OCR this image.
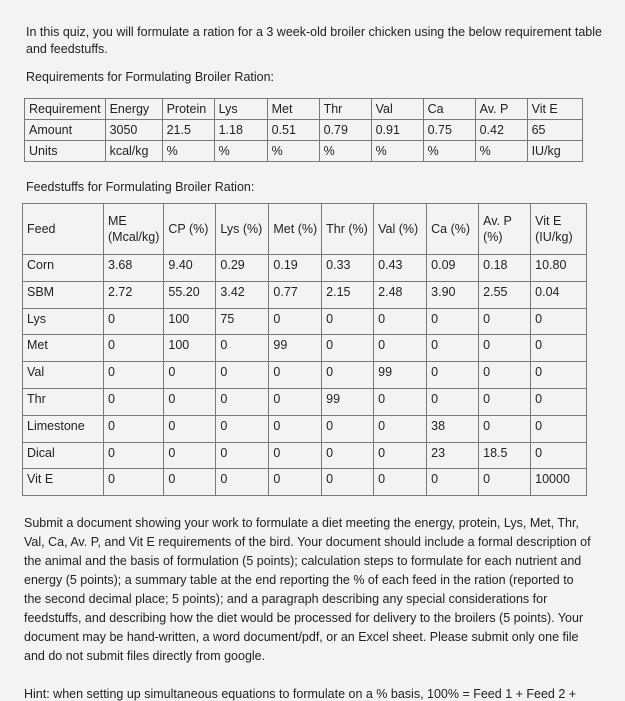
In this quiz, you will formulate a ration for a 3 week-old broiler chicken using the below requirement table and feedstuffs.
Requirements for Formulating Broiler Ration:
Requirement	Energy	Protein	Lys	Met	Thr	Val	Ca	Av. P	Vit E
Amount	3050	21.5	1.18	0.51	0.79	0.91	0.75	0.42	65
Units	kcal/kg	%	%	%	%	%	%	%	IU/kg
Feedstuffs for Formulating Broiler Ration:
Feed	ME (Mcal/kg)	CP (%)	Lys (%)	Met (%)	Thr (%)	Val (%)	Ca (%)	Av. P (%)	Vit E (IU/kg)
Corn	3.68	9.40	0.29	0.19	0.33	0.43	0.09	0.18	10.80
SBM	2.72	55.20	3.42	0.77	2.15	2.48	3.90	2.55	0.04
Lys	0	100	75	0	0	0	0	0	0
Met	0	100	0	99	0	0	0	0	0
Val	0	0	0	0	0	99	0	0	0
Thr	0	0	0	0	99	0	0	0	0
Limestone	0	0	0	0	0	0	38	0	0
Dical	0	0	0	0	0	0	23	18.5	0
Vit E	0	0	0	0	0	0	0	0	10000
Submit a document showing your work to formulate a diet meeting the energy, protein, Lys, Met, Thr, Val, Ca, Av. P, and Vit E requirements of the bird. Your document should include a formal description of the animal and the basis of formulation (5 points); calculation steps to formulate for each nutrient and energy (5 points); a summary table at the end reporting the % of each feed in the ration (reported to the second decimal place; 5 points); and a paragraph describing any special considerations for feedstuffs, and describing how the diet would be processed for delivery to the broilers (5 points). Your document may be hand-written, a word document/pdf, or an Excel sheet. Please submit only one file and do not submit files directly from google.
Hint: when setting up simultaneous equations to formulate on a % basis, 100% = Feed 1 + Feed 2 +
